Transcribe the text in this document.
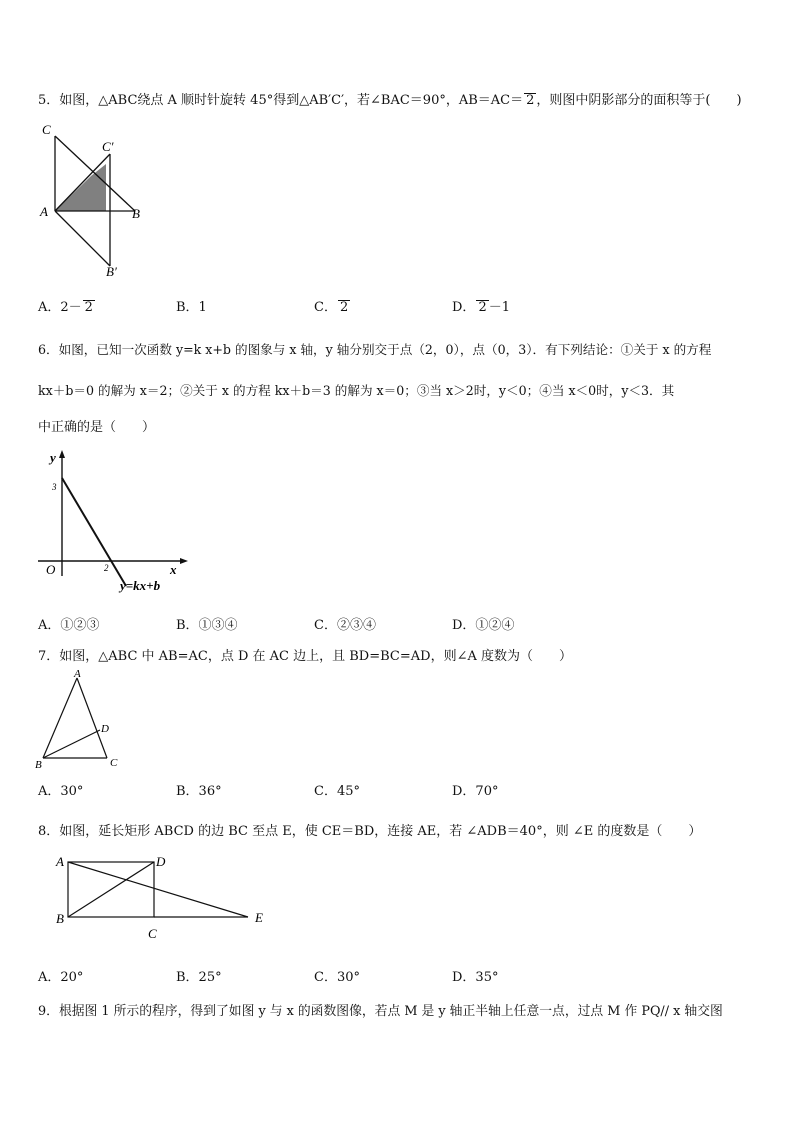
5．如图，△ABC绕点 A 顺时针旋转 45°得到△AB′C′，若∠BAC＝90°，AB＝AC＝ 2 ，则图中阴影部分的面积等于(　　)
C
C′
A	B
B′
A．2－ 2	B．1	C． 2	D． 2 －1
6．如图，已知一次函数 y=k x+b 的图象与 x 轴，y 轴分别交于点（2，0），点（0，3）．有下列结论：①关于 x 的方程
kx＋b＝0 的解为 x＝2；②关于 x 的方程 kx＋b＝3 的解为 x＝0；③当 x＞2时，y＜0；④当 x＜0时，y＜3．其
中正确的是（　　）
y
x
O
3
2
y=kx+b
A．①②③	B．①③④	C．②③④	D．①②④
7．如图，△ABC 中 AB=AC，点 D 在 AC 边上，且 BD=BC=AD，则∠A 度数为（　　）
A
D
B	C
A．30°	B．36°	C．45°	D．70°
8．如图，延长矩形 ABCD 的边 BC 至点 E，使 CE＝BD，连接 AE，若 ∠ADB＝40°，则 ∠E 的度数是（　　）
A	D
B
C
E
A．20°	B．25°	C．30°	D．35°
9．根据图 1 所示的程序，得到了如图 y 与 x 的函数图像，若点 M 是 y 轴正半轴上任意一点，过点 M 作 PQ// x 轴交图
